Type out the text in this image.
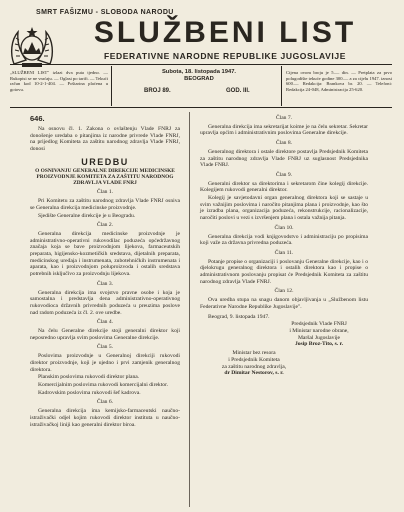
SMRT FAŠIZMU - SLOBODA NARODU
SLUŽBENI LIST
FEDERATIVNE NARODNE REPUBLIKE JUGOSLAVIJE
„SLUŽBENI LIST" izlazi dva puta tjedno. — Rukopisi se ne vraćaju. — Oglasi po tarifi. — Tekući račun kod 10-2-1-404. — Poštarina plaćena u gotovu.
Subota, 18. listopada 1947.
BEOGRAD
BROJ 89.	GOD. III.
Cijena ovom broju je 5.— din. — Pretplata za prvo polugodište tekuće godine 300.— a za cijelu 1947. iznosi 600.— Redakcija: Brankova br. 20. — Telefoni: Redakcija 24-048, Administracija 25-620.
646.

Na osnovu čl. 1. Zakona o ovlaštenju Vlade FNRJ za donošenje uredaba o pitanjima iz narodne privrede Vlade FNRJ, na prijedlog Komiteta za zaštitu narodnog zdravlja Vlade FNRJ, donosi

UREDBU
O OSNIVANJU GENERALNE DIREKCIJE MEDICINSKE PROIZVODNJE KOMITETA ZA ZAŠTITU NARODNOG ZDRAVLJA VLADE FNRJ
Član 1.

Pri Komitetu za zaštitu narodnog zdravlja Vlade FNRJ osniva se Generalna direkcija medicinske proizvodnje.

Sjedište Generalne direkcije je u Beogradu.

Član 2.

Generalna direkcija medicinske proizvodnje je administrativno-operativni rukovodilac poduzeća općedržavnog značaja koja se bave proizvodnjom lijekova, farmaceutskih preparata, higijensko-kozmetičkih sredstava, dijetalnih preparata, medicinskog uređaja i instrumenata, zubotehničkih instrumenata i aparata, kao i proizvodnjom poluproizvoda i ostalih sredstava potrebnih isključivo za proizvodnju lijekova.

Član 3.

Generalna direkcija ima svojstvo pravne osobe i koja je samostalna i predstavlja dena administrativno-operativnog rukovodioca državnih privrednih poduzeća u preuzima poslove nad radom poduzeća iz čl. 2. ove uredbe.

Član 4.

Na čelu Generalne direkcije stoji generalni direktor koji neposredno upravlja svim poslovima Generalne direkcije.

Član 5.

Poslovima proizvodnje u Generalnoj direkciji rukovodi direktor proizvodnje, koji je ujedno i prvi zamjenik generalnog direktora.

Planskim poslovima rukovodi direktor plana.

Komercijalnim poslovima rukovodi komercijalni direktor.

Kadrovskim poslovima rukovodi šef kadrova.

Član 6.

Generalna direkcija ima kemijsko-farmaceutski naučno-istraživački odjel kojim rukovodi direktor instituta u naučno-istraživačkoj liniji kao generalni direktor biroa.

Član 7.

Generalna direkcija ima sekretarijat koime je na čelu sekretar. Sekretar upravlja općim i administrativnim poslovima Generalne direkcije.

Član 8.

Generalnog direktora i ostale direktore postavlja Predsjednik Komiteta za zaštitu narodnog zdravlja Vlade FNRJ uz suglasnost Predsjednika Vlade FNRJ.

Član 9.

Generalni direktor sa direktorima i sekretarom čine kolegij direkcije. Kolegijem rukovodi generalni direktor.

Kolegij je savjetodavni organ generalnog direktora koji se sastaje u svim važnijim poslovima i naročito pitanjima plana i proizvodnje, kao što je izradba plana, organizacija poduzeća, rekonstrukcije, racionalizacije, naročiti poslovi u vezi s izvršenjem plana i ostala važnija pitanja.

Član 10.

Generalna direkcija vodi knjigovodstvo i administraciju po propisima koji važe za državna privredna poduzeća.

Član 11.

Potanje propise o organizaciji i poslovanju Generalne direkcije, kao i o djelokrugu generalnog direktora i ostalih direktora kao i propise o administrativnom poslovanju propisat će Predsjednik Komiteta za zaštitu narodnog zdravlja Vlade FNRJ.

Član 12.

Ova uredba stupa na snagu danom objavljivanja u „Službenom listu Federativne Narodne Republike Jugoslavije".

Beograd, 9. listopada 1947.

Predsjednik Vlade FNRJ
i Ministar narodne obrane,
Maršal Jugoslavije
Josip Broz-Tito, s. r.
Ministar bez resora
i Predsjednik Komiteta
za zaštitu narodnog zdravlja,
dr Dimitar Nestorov, s. r.
